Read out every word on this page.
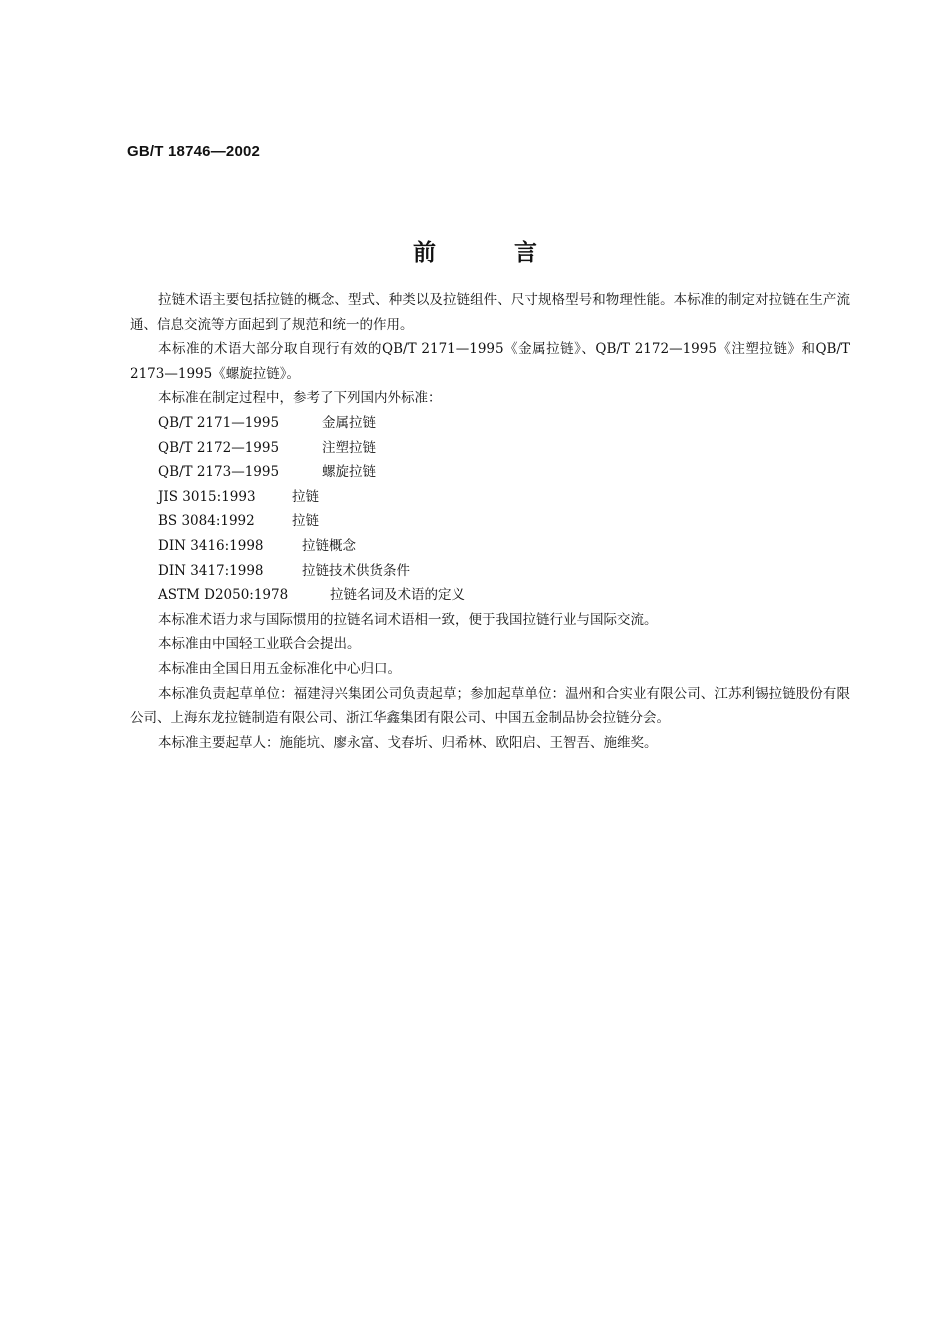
GB/T 18746—2002
前	言

拉链术语主要包括拉链的概念、型式、种类以及拉链组件、尺寸规格型号和物理性能。本标准的制定对拉链在生产流通、信息交流等方面起到了规范和统一的作用。

本标准的术语大部分取自现行有效的QB/T 2171—1995《金属拉链》、QB/T 2172—1995《注塑拉链》和QB/T 2173—1995《螺旋拉链》。

本标准在制定过程中，参考了下列国内外标准：

QB/T 2171—1995	金属拉链
QB/T 2172—1995	注塑拉链
QB/T 2173—1995	螺旋拉链
JIS 3015:1993	拉链
BS 3084:1992	拉链
DIN 3416:1998	拉链概念
DIN 3417:1998	拉链技术供货条件
ASTM D2050:1978	拉链名词及术语的定义

本标准术语力求与国际惯用的拉链名词术语相一致，便于我国拉链行业与国际交流。

本标准由中国轻工业联合会提出。

本标准由全国日用五金标准化中心归口。

本标准负责起草单位：福建浔兴集团公司负责起草；参加起草单位：温州和合实业有限公司、江苏利锡拉链股份有限公司、上海东龙拉链制造有限公司、浙江华鑫集团有限公司、中国五金制品协会拉链分会。

本标准主要起草人：施能坑、廖永富、戈春圻、归希林、欧阳启、王智吾、施维奖。
